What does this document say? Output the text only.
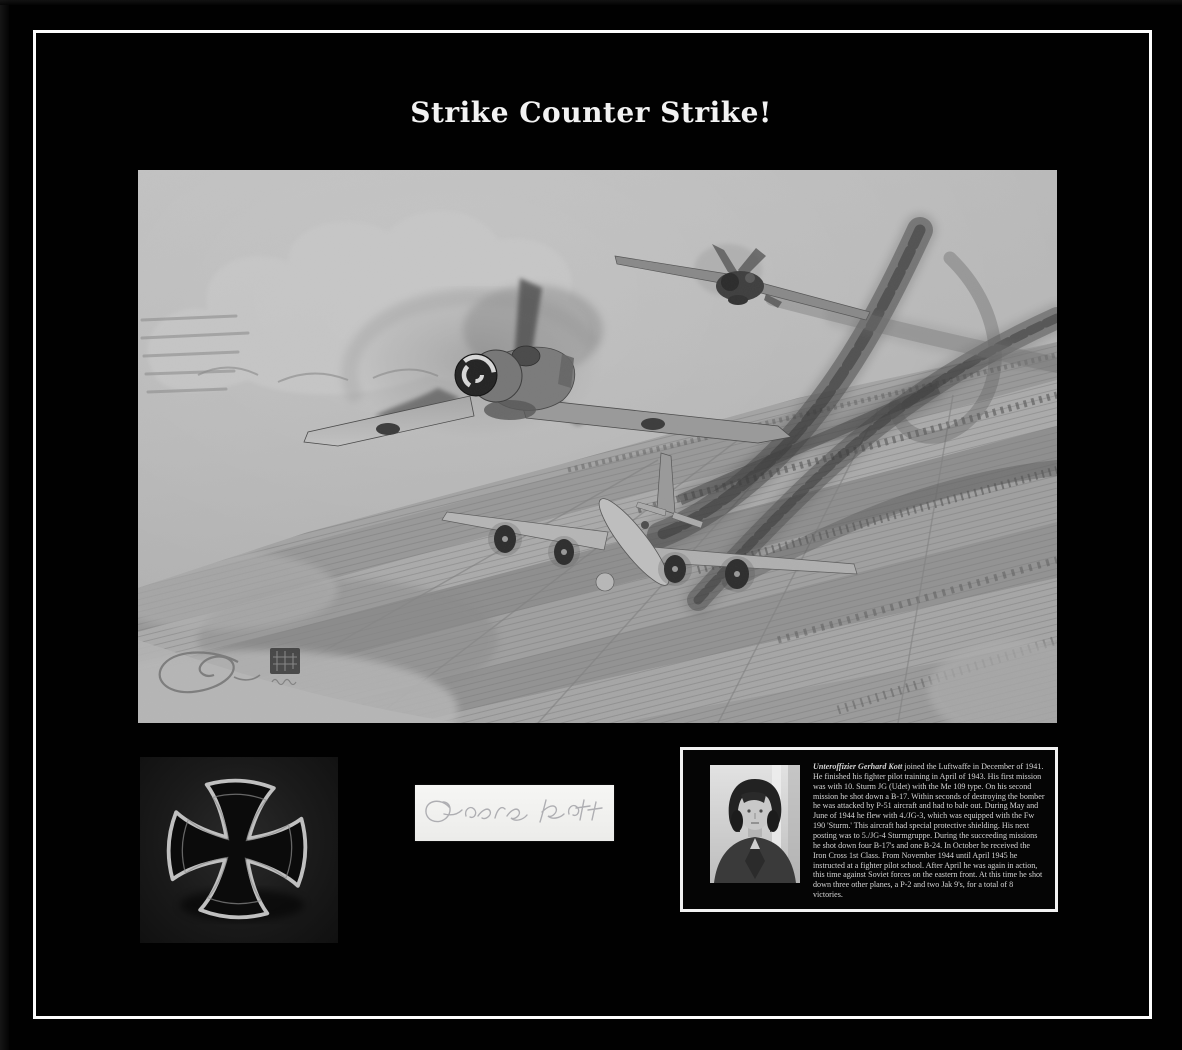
Strike Counter Strike!
Unteroffizier Gerhard Kott joined the Luftwaffe in December of 1941. He finished his fighter pilot training in April of 1943. His first mission was with 10. Sturm JG (Udet) with the Me 109 type. On his second mission he shot down a B-17. Within seconds of destroying the bomber he was attacked by P-51 aircraft and had to bale out. During May and June of 1944 he flew with 4./JG-3, which was equipped with the Fw 190 'Sturm.' This aircraft had special protective shielding. His next posting was to 5./JG-4 Sturmgruppe. During the succeeding missions he shot down four B-17's and one B-24. In October he received the Iron Cross 1st Class. From November 1944 until April 1945 he instructed at a fighter pilot school. After April he was again in action, this time against Soviet forces on the eastern front. At this time he shot down three other planes, a P-2 and two Jak 9's, for a total of 8 victories.
